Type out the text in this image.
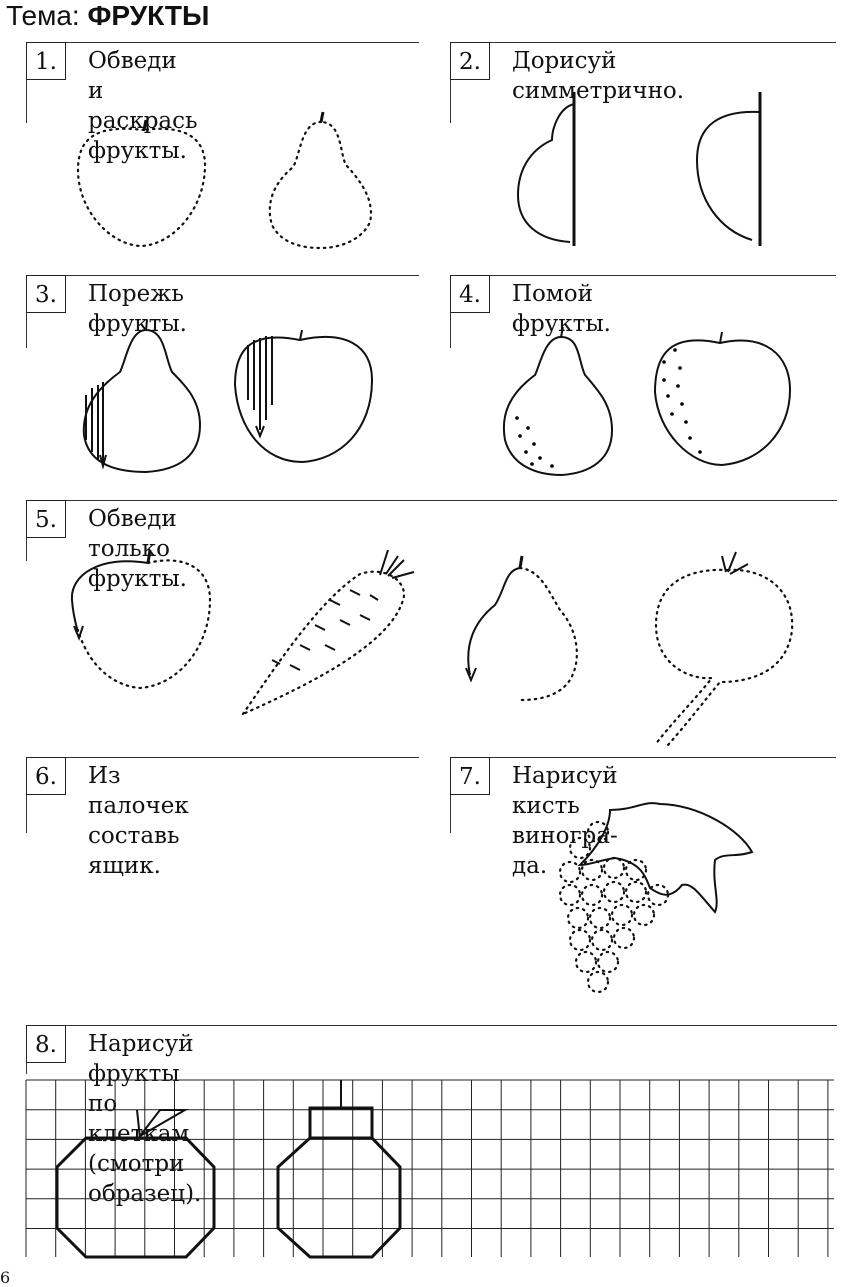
Тема: ФРУКТЫ
1.	Обведи и раскрась
фрукты.
2.	Дорисуй симметрично.
3.	Порежь фрукты.
4.	Помой фрукты.
5.	Обведи только фрукты.
6.	Из палочек составь ящик.
7.	Нарисуй кисть виногра-
да.
8.	Нарисуй фрукты по клеткам (смотри образец).
6
